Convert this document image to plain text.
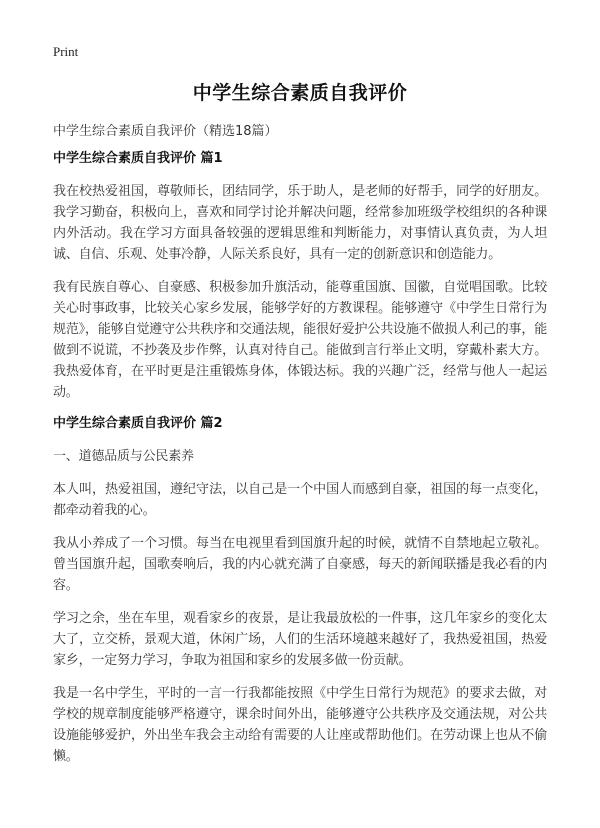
Print
中学生综合素质自我评价

中学生综合素质自我评价（精选18篇）

中学生综合素质自我评价 篇1

我在校热爱祖国，尊敬师长，团结同学，乐于助人，是老师的好帮手，同学的好朋友。我学习勤奋，积极向上，喜欢和同学讨论并解决问题，经常参加班级学校组织的各种课内外活动。我在学习方面具备较强的逻辑思维和判断能力，对事情认真负责，为人坦诚、自信、乐观、处事冷静，人际关系良好，具有一定的创新意识和创造能力。

我有民族自尊心、自豪感、积极参加升旗活动，能尊重国旗、国徽，自觉唱国歌。比较关心时事政事，比较关心家乡发展，能够学好的方教课程。能够遵守《中学生日常行为规范》，能够自觉遵守公共秩序和交通法规，能很好爱护公共设施不做损人利己的事，能做到不说谎，不抄袭及步作弊，认真对待自己。能做到言行举止文明，穿戴朴素大方。我热爱体育，在平时更是注重锻炼身体，体锻达标。我的兴趣广泛，经常与他人一起运动。

中学生综合素质自我评价 篇2

一、道德品质与公民素养

本人叫，热爱祖国，遵纪守法，以自己是一个中国人而感到自豪，祖国的每一点变化，都牵动着我的心。

我从小养成了一个习惯。每当在电视里看到国旗升起的时候，就情不自禁地起立敬礼。曾当国旗升起，国歌奏响后，我的内心就充满了自豪感，每天的新闻联播是我必看的内容。

学习之余，坐在车里，观看家乡的夜景，是让我最放松的一件事，这几年家乡的变化太大了，立交桥，景观大道，休闲广场，人们的生活环境越来越好了，我热爱祖国，热爱家乡，一定努力学习，争取为祖国和家乡的发展多做一份贡献。

我是一名中学生，平时的一言一行我都能按照《中学生日常行为规范》的要求去做，对学校的规章制度能够严格遵守，课余时间外出，能够遵守公共秩序及交通法规，对公共设施能够爱护，外出坐车我会主动给有需要的人让座或帮助他们。在劳动课上也从不偷懒。
